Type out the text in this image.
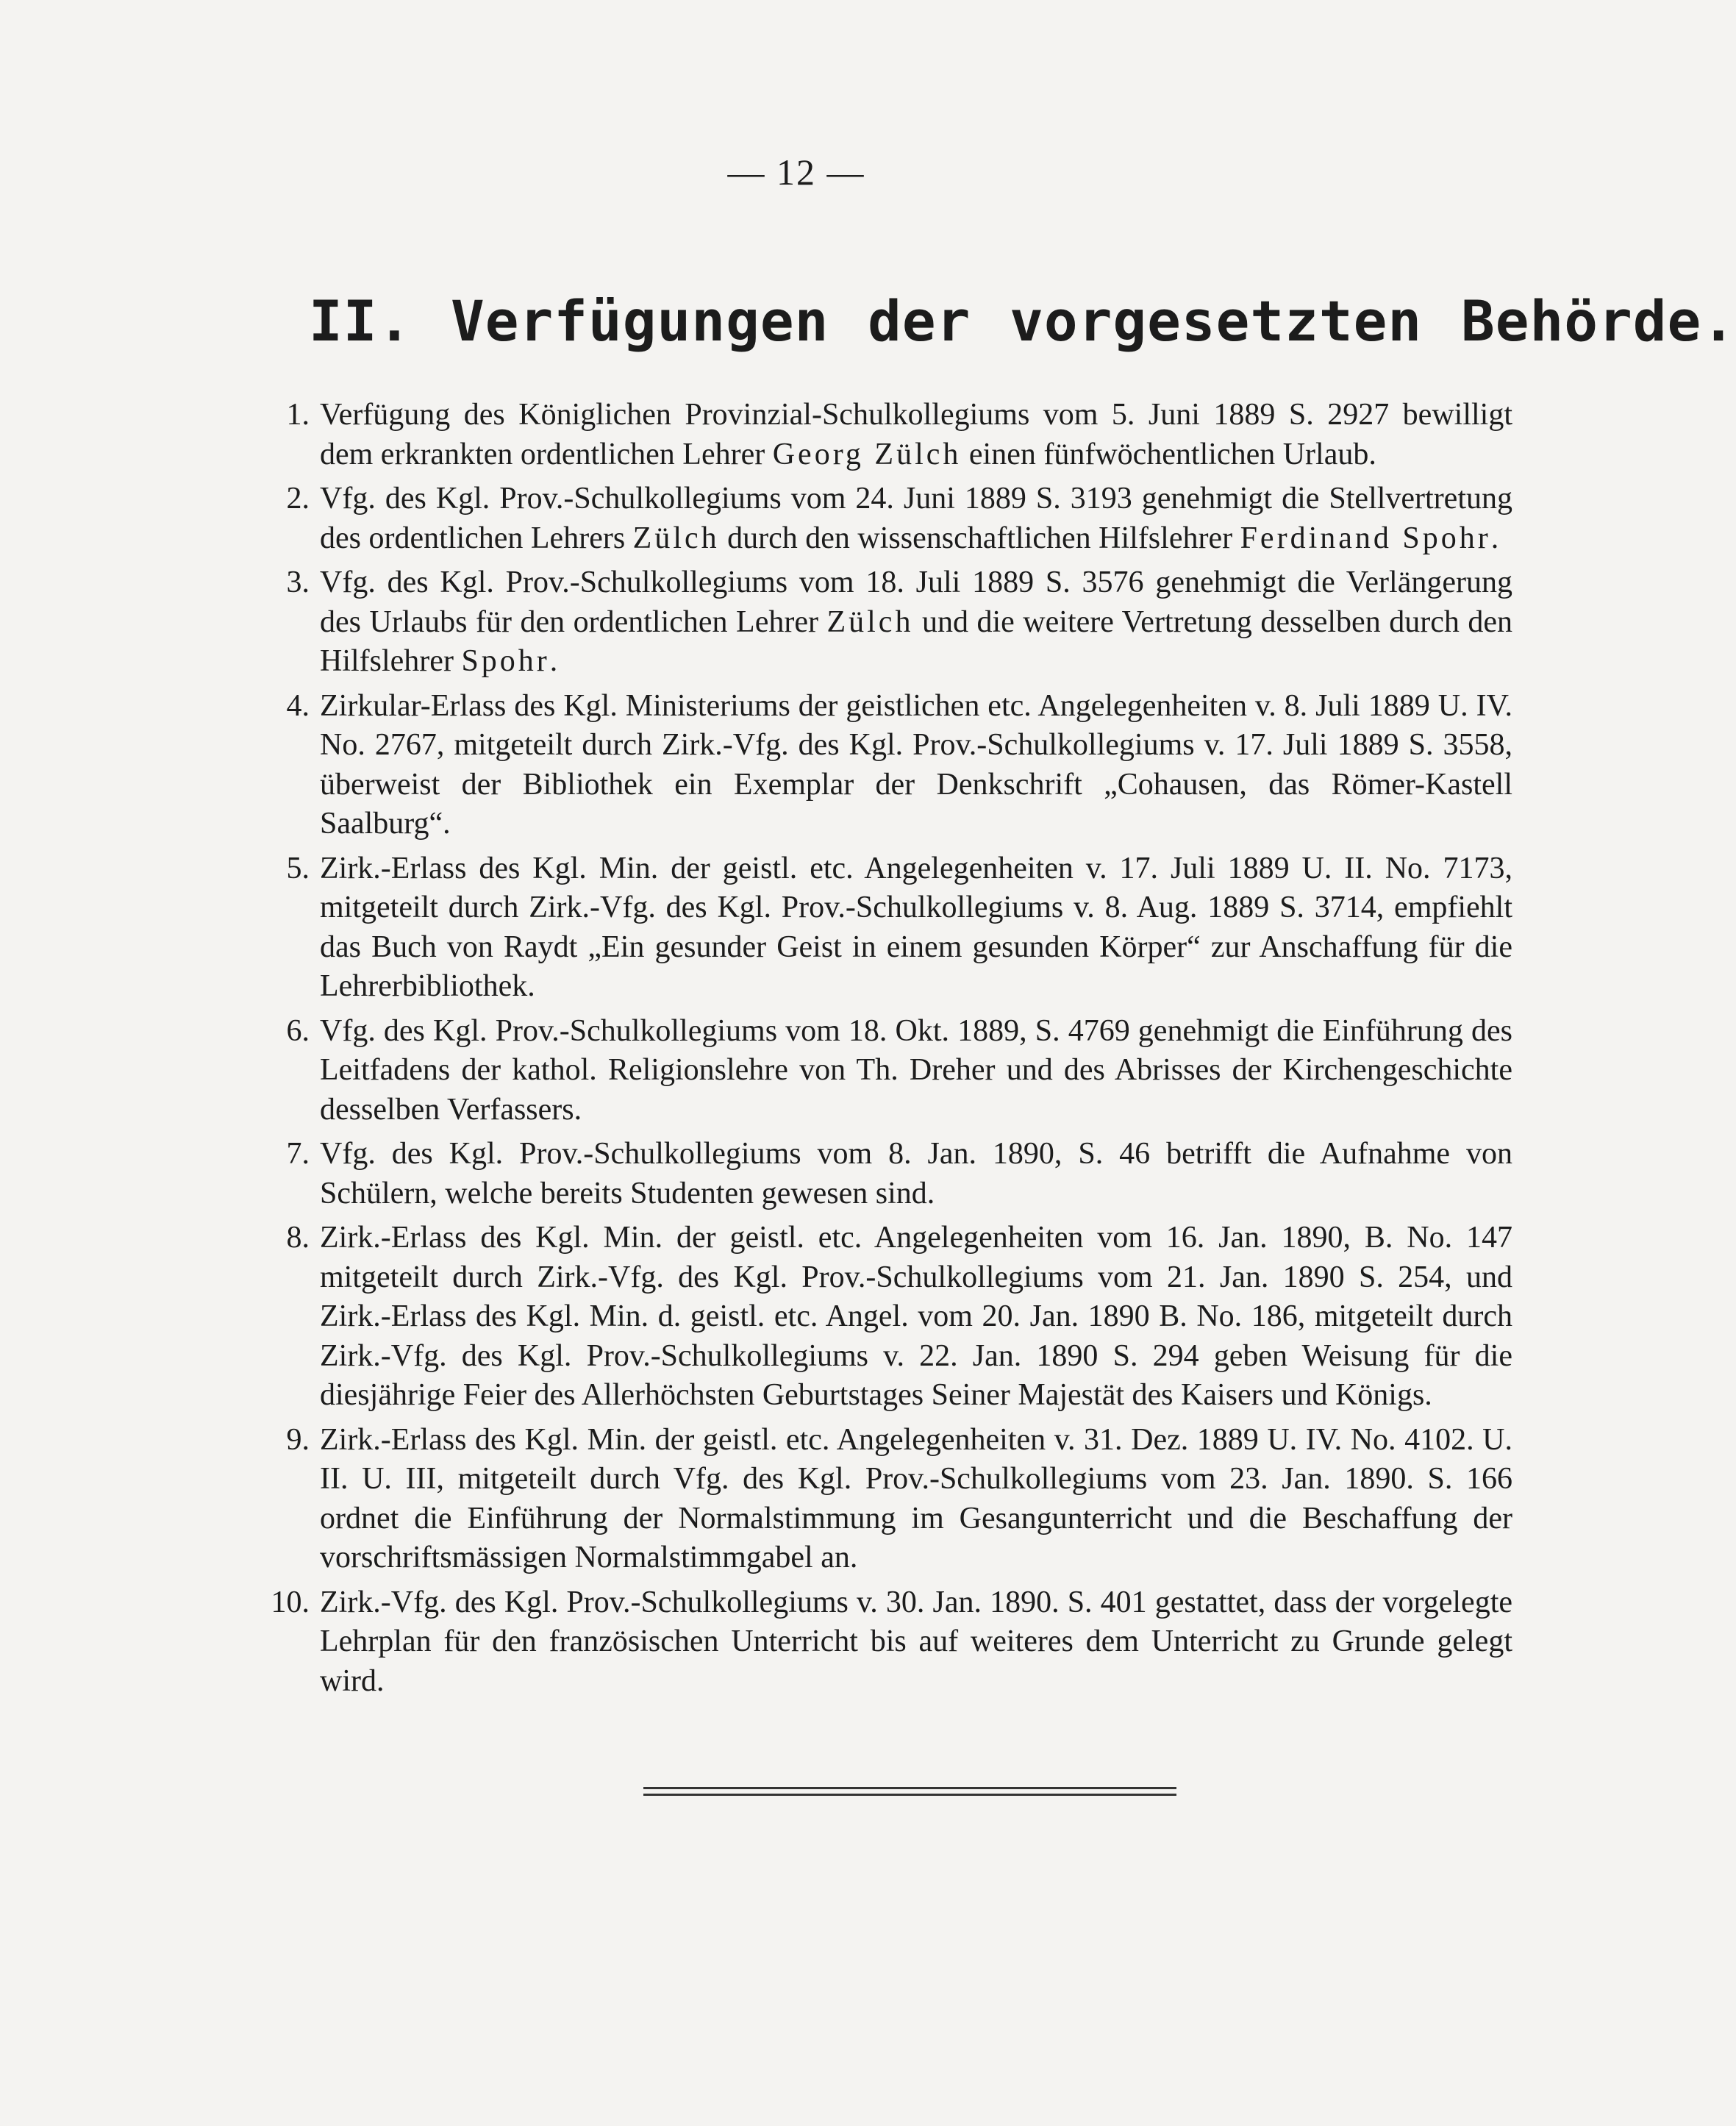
— 12 —
II. Verfügungen der vorgesetzten Behörde.
1. Verfügung des Königlichen Provinzial-Schulkollegiums vom 5. Juni 1889 S. 2927 bewilligt dem erkrankten ordentlichen Lehrer Georg Zülch einen fünfwöchentlichen Urlaub.
2. Vfg. des Kgl. Prov.-Schulkollegiums vom 24. Juni 1889 S. 3193 genehmigt die Stellvertretung des ordentlichen Lehrers Zülch durch den wissenschaftlichen Hilfslehrer Ferdinand Spohr.
3. Vfg. des Kgl. Prov.-Schulkollegiums vom 18. Juli 1889 S. 3576 genehmigt die Verlängerung des Urlaubs für den ordentlichen Lehrer Zülch und die weitere Vertretung desselben durch den Hilfslehrer Spohr.
4. Zirkular-Erlass des Kgl. Ministeriums der geistlichen etc. Angelegenheiten v. 8. Juli 1889 U. IV. No. 2767, mitgeteilt durch Zirk.-Vfg. des Kgl. Prov.-Schulkollegiums v. 17. Juli 1889 S. 3558, überweist der Bibliothek ein Exemplar der Denkschrift „Cohausen, das Römer-Kastell Saalburg“.
5. Zirk.-Erlass des Kgl. Min. der geistl. etc. Angelegenheiten v. 17. Juli 1889 U. II. No. 7173, mitgeteilt durch Zirk.-Vfg. des Kgl. Prov.-Schulkollegiums v. 8. Aug. 1889 S. 3714, empfiehlt das Buch von Raydt „Ein gesunder Geist in einem gesunden Körper“ zur Anschaffung für die Lehrerbibliothek.
6. Vfg. des Kgl. Prov.-Schulkollegiums vom 18. Okt. 1889, S. 4769 genehmigt die Einführung des Leitfadens der kathol. Religionslehre von Th. Dreher und des Abrisses der Kirchengeschichte desselben Verfassers.
7. Vfg. des Kgl. Prov.-Schulkollegiums vom 8. Jan. 1890, S. 46 betrifft die Aufnahme von Schülern, welche bereits Studenten gewesen sind.
8. Zirk.-Erlass des Kgl. Min. der geistl. etc. Angelegenheiten vom 16. Jan. 1890, B. No. 147 mitgeteilt durch Zirk.-Vfg. des Kgl. Prov.-Schulkollegiums vom 21. Jan. 1890 S. 254, und Zirk.-Erlass des Kgl. Min. d. geistl. etc. Angel. vom 20. Jan. 1890 B. No. 186, mitgeteilt durch Zirk.-Vfg. des Kgl. Prov.-Schulkollegiums v. 22. Jan. 1890 S. 294 geben Weisung für die diesjährige Feier des Allerhöchsten Geburtstages Seiner Majestät des Kaisers und Königs.
9. Zirk.-Erlass des Kgl. Min. der geistl. etc. Angelegenheiten v. 31. Dez. 1889 U. IV. No. 4102. U. II. U. III, mitgeteilt durch Vfg. des Kgl. Prov.-Schulkollegiums vom 23. Jan. 1890. S. 166 ordnet die Einführung der Normalstimmung im Gesangunterricht und die Beschaffung der vorschriftsmässigen Normalstimmgabel an.
10. Zirk.-Vfg. des Kgl. Prov.-Schulkollegiums v. 30. Jan. 1890. S. 401 gestattet, dass der vorgelegte Lehrplan für den französischen Unterricht bis auf weiteres dem Unterricht zu Grunde gelegt wird.
